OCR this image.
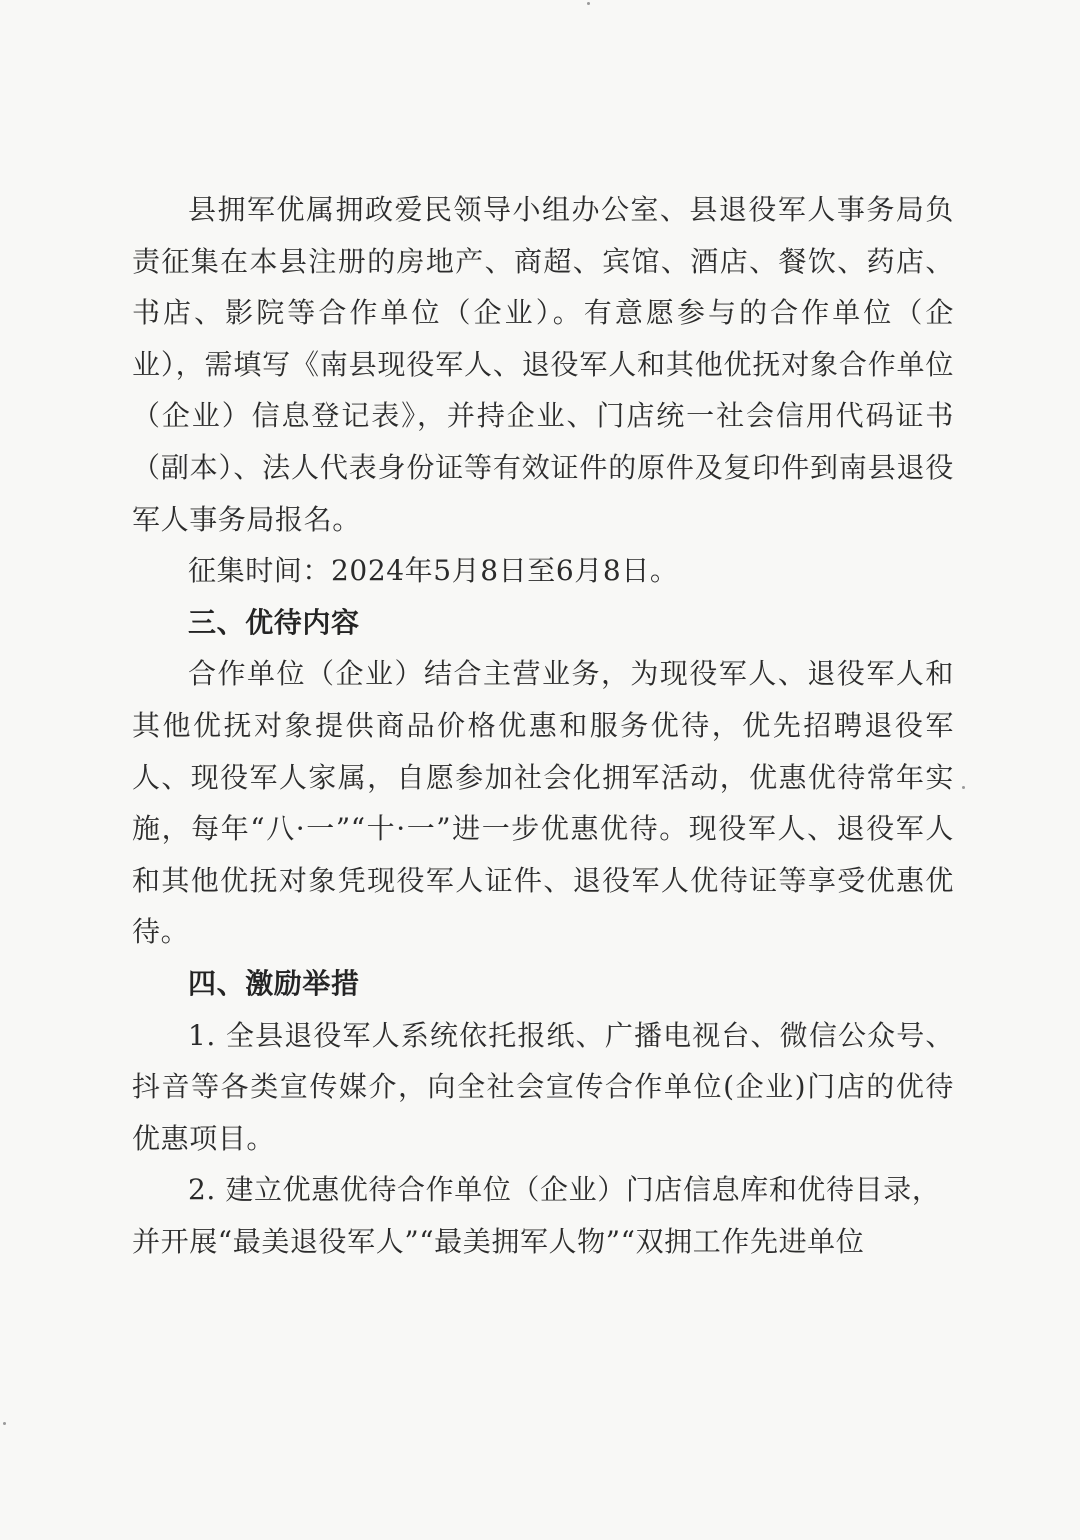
县拥军优属拥政爱民领导小组办公室、县退役军人事务局负责征集在本县注册的房地产、商超、宾馆、酒店、餐饮、药店、书店、影院等合作单位（企业）。有意愿参与的合作单位（企业），需填写《南县现役军人、退役军人和其他优抚对象合作单位（企业）信息登记表》，并持企业、门店统一社会信用代码证书（副本）、法人代表身份证等有效证件的原件及复印件到南县退役军人事务局报名。

征集时间：2024年5月8日至6月8日。

三、优待内容

合作单位（企业）结合主营业务，为现役军人、退役军人和其他优抚对象提供商品价格优惠和服务优待，优先招聘退役军人、现役军人家属，自愿参加社会化拥军活动，优惠优待常年实施，每年“八·一”“十·一”进一步优惠优待。现役军人、退役军人和其他优抚对象凭现役军人证件、退役军人优待证等享受优惠优待。

四、激励举措

1. 全县退役军人系统依托报纸、广播电视台、微信公众号、抖音等各类宣传媒介，向全社会宣传合作单位(企业)门店的优待优惠项目。

2. 建立优惠优待合作单位（企业）门店信息库和优待目录，并开展“最美退役军人”“最美拥军人物”“双拥工作先进单位
